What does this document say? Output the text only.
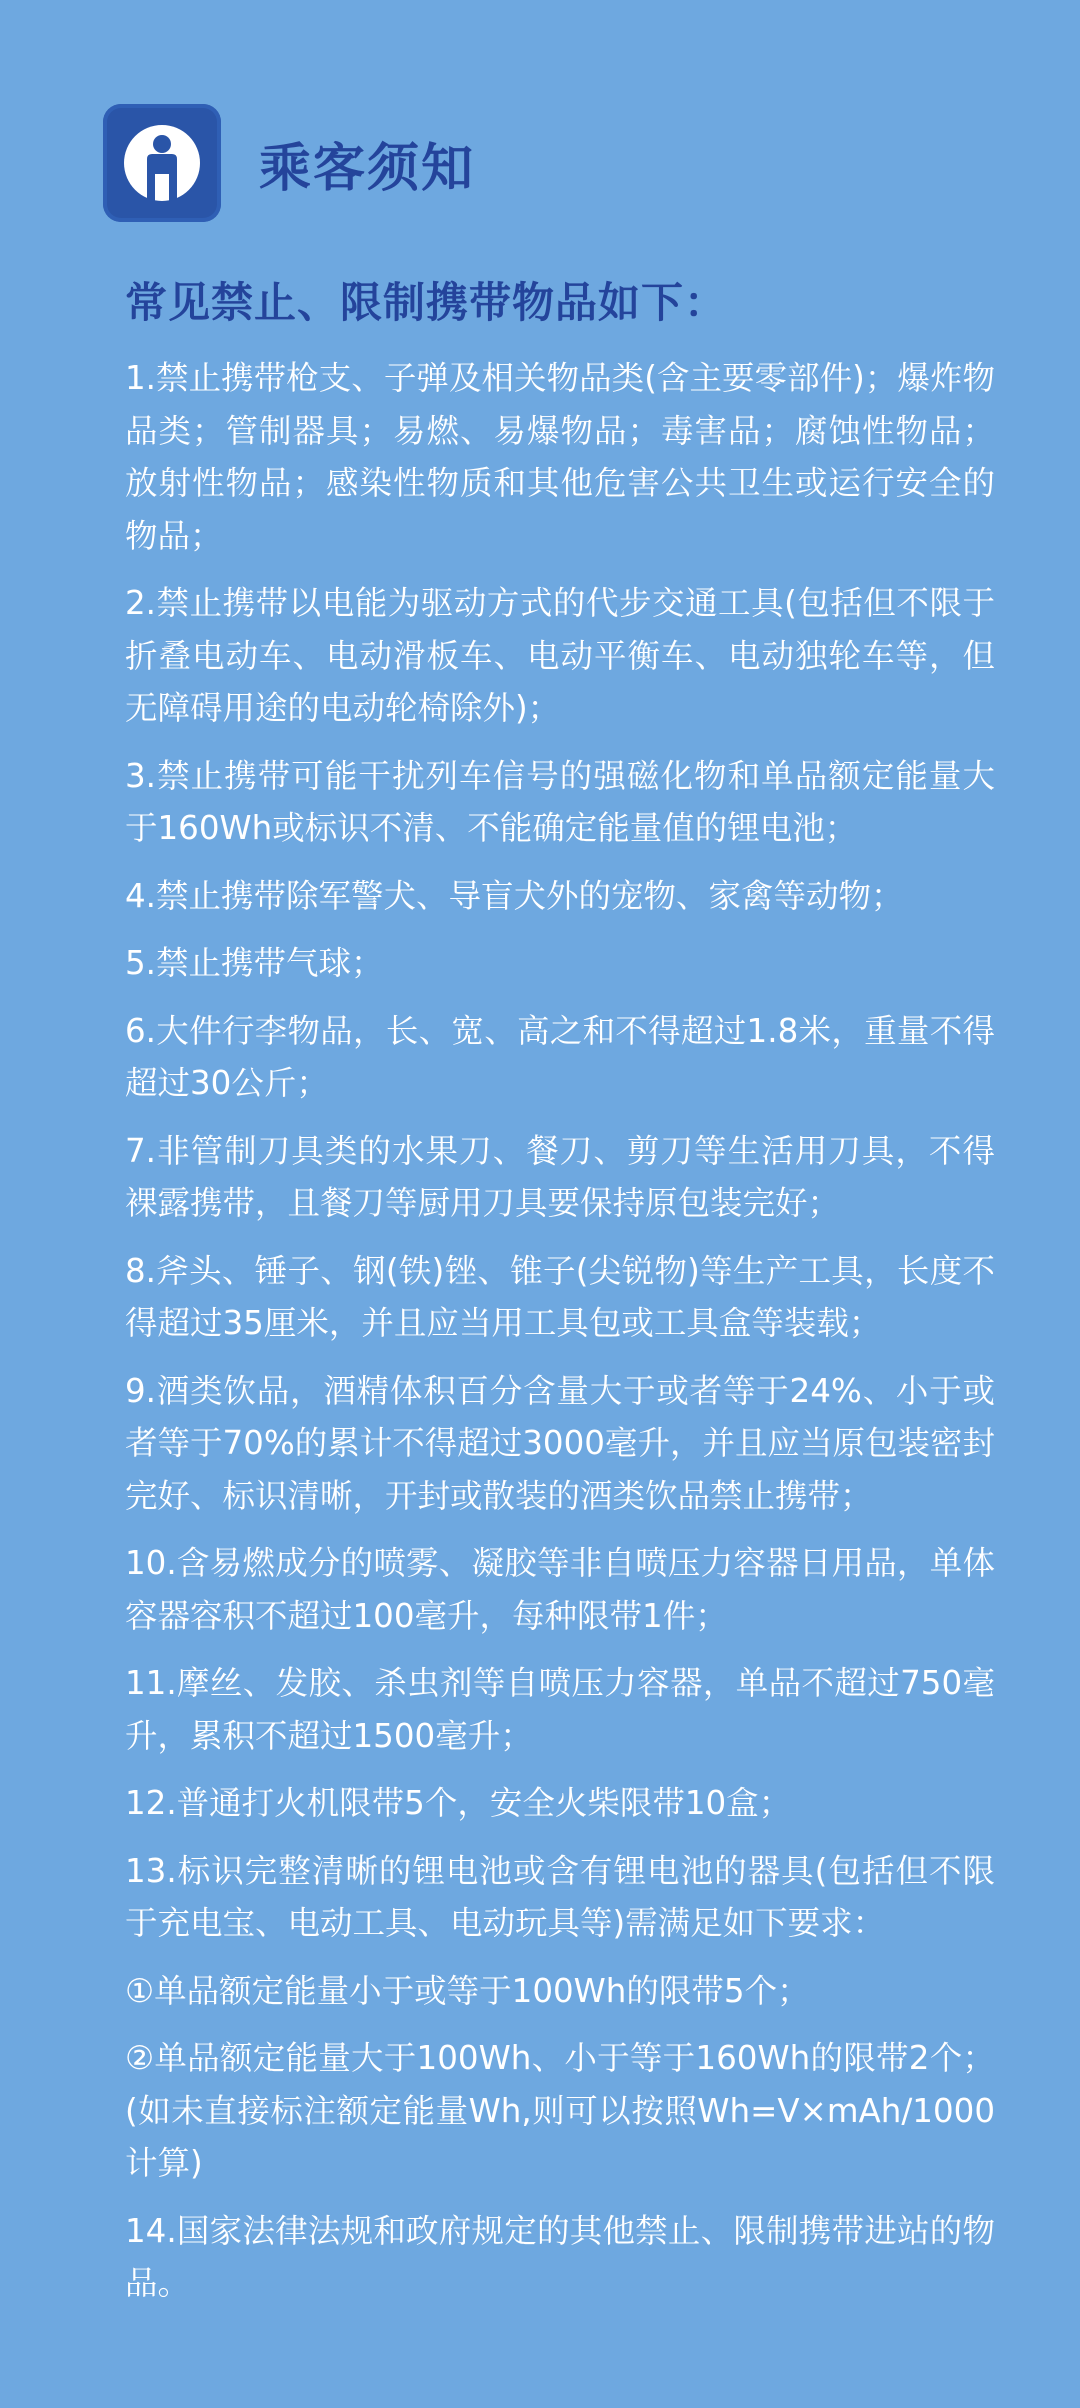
乘客须知
常见禁止、限制携带物品如下：
1.禁止携带枪支、子弹及相关物品类(含主要零部件)；爆炸物品类；管制器具；易燃、易爆物品；毒害品；腐蚀性物品；放射性物品；感染性物质和其他危害公共卫生或运行安全的物品；
2.禁止携带以电能为驱动方式的代步交通工具(包括但不限于折叠电动车、电动滑板车、电动平衡车、电动独轮车等，但无障碍用途的电动轮椅除外)；
3.禁止携带可能干扰列车信号的强磁化物和单品额定能量大于160Wh或标识不清、不能确定能量值的锂电池；
4.禁止携带除军警犬、导盲犬外的宠物、家禽等动物；
5.禁止携带气球；
6.大件行李物品，长、宽、高之和不得超过1.8米，重量不得超过30公斤；
7.非管制刀具类的水果刀、餐刀、剪刀等生活用刀具，不得裸露携带，且餐刀等厨用刀具要保持原包装完好；
8.斧头、锤子、钢(铁)锉、锥子(尖锐物)等生产工具，长度不得超过35厘米，并且应当用工具包或工具盒等装载；
9.酒类饮品，酒精体积百分含量大于或者等于24%、小于或者等于70%的累计不得超过3000毫升，并且应当原包装密封完好、标识清晰，开封或散装的酒类饮品禁止携带；
10.含易燃成分的喷雾、凝胶等非自喷压力容器日用品，单体容器容积不超过100毫升，每种限带1件；
11.摩丝、发胶、杀虫剂等自喷压力容器，单品不超过750毫升，累积不超过1500毫升；
12.普通打火机限带5个，安全火柴限带10盒；
13.标识完整清晰的锂电池或含有锂电池的器具(包括但不限于充电宝、电动工具、电动玩具等)需满足如下要求：
①单品额定能量小于或等于100Wh的限带5个；
②单品额定能量大于100Wh、小于等于160Wh的限带2个；(如未直接标注额定能量Wh,则可以按照Wh=V×mAh/1000计算)
14.国家法律法规和政府规定的其他禁止、限制携带进站的物品。
